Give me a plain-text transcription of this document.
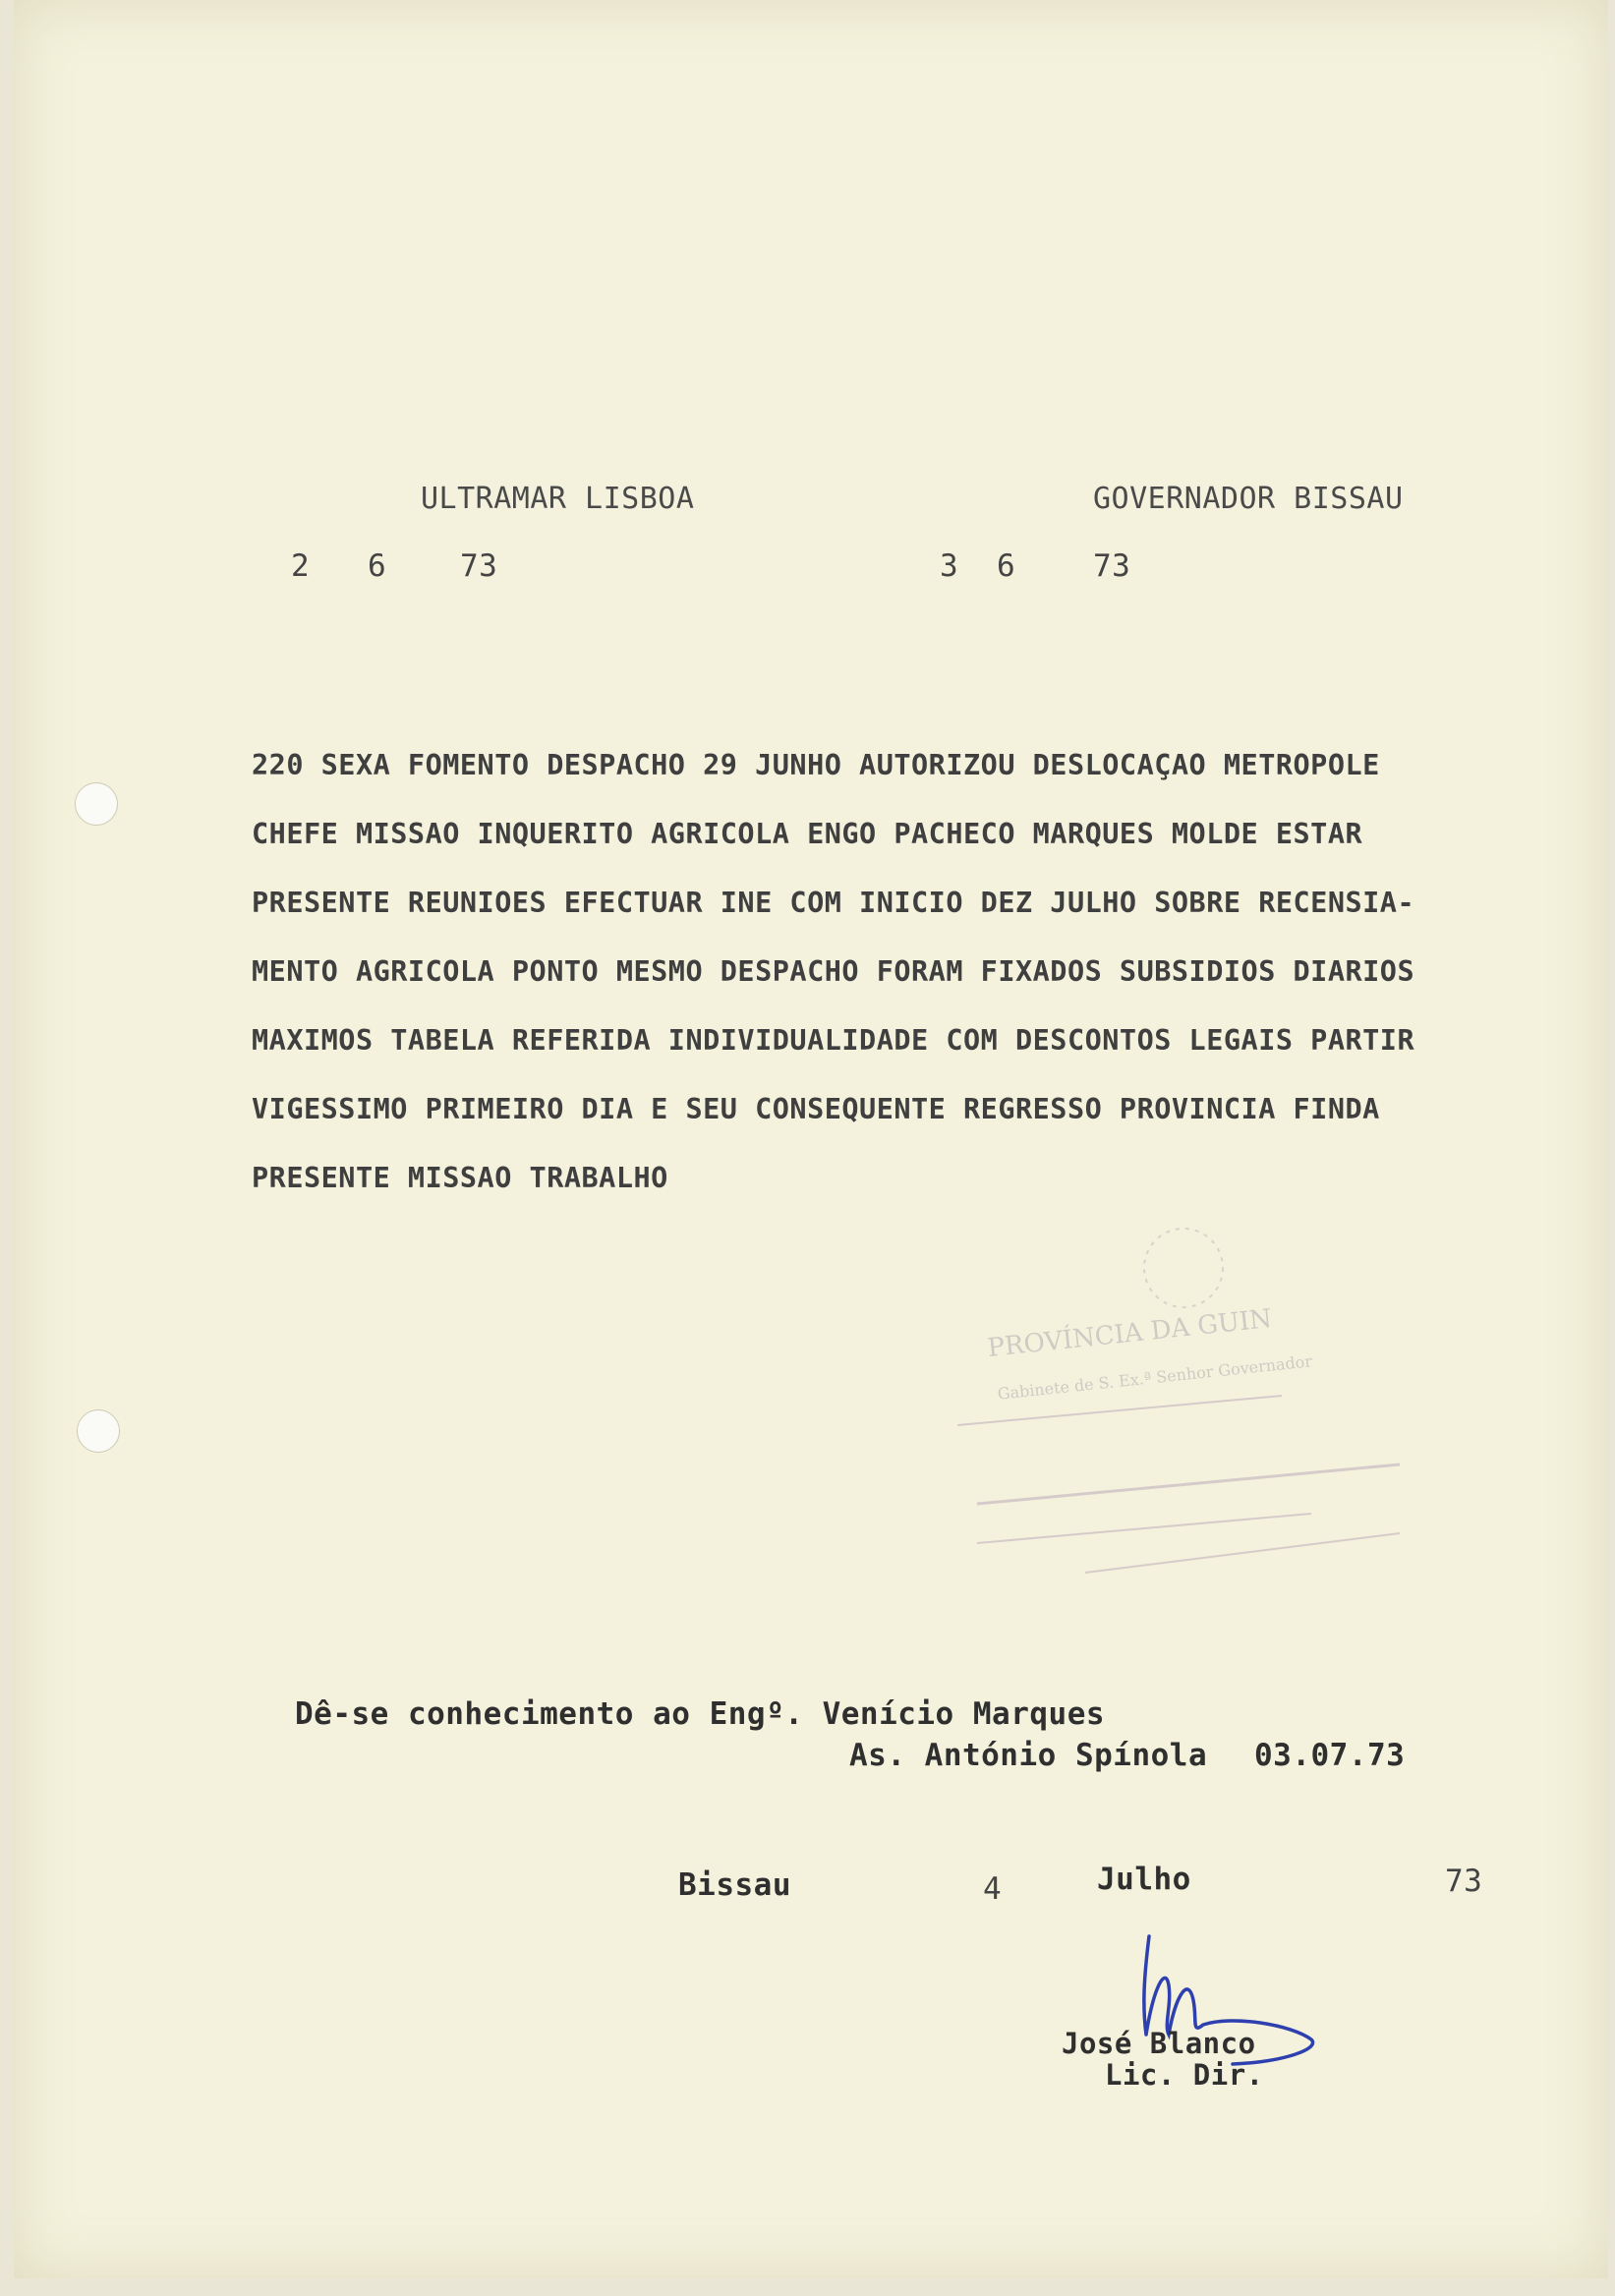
ULTRAMAR LISBOA	GOVERNADOR BISSAU
2 6 73	3 6	73
220 SEXA FOMENTO DESPACHO 29 JUNHO AUTORIZOU DESLOCAÇAO METROPOLE
CHEFE MISSAO INQUERITO AGRICOLA ENGO PACHECO MARQUES MOLDE ESTAR
PRESENTE REUNIOES EFECTUAR INE COM INICIO DEZ JULHO SOBRE RECENSIA-
MENTO AGRICOLA PONTO MESMO DESPACHO FORAM FIXADOS SUBSIDIOS DIARIOS
MAXIMOS TABELA REFERIDA INDIVIDUALIDADE COM DESCONTOS LEGAIS PARTIR
VIGESSIMO PRIMEIRO DIA E SEU CONSEQUENTE REGRESSO PROVINCIA FINDA
PRESENTE MISSAO TRABALHO
PROVÍNCIA DA GUIN
Gabinete de S. Ex.ª Senhor Governador
Dê-se conhecimento ao Engº. Venício Marques
As. António Spínola 03.07.73
Bissau	4	Julho	73
José Blanco
Lic. Dir.
